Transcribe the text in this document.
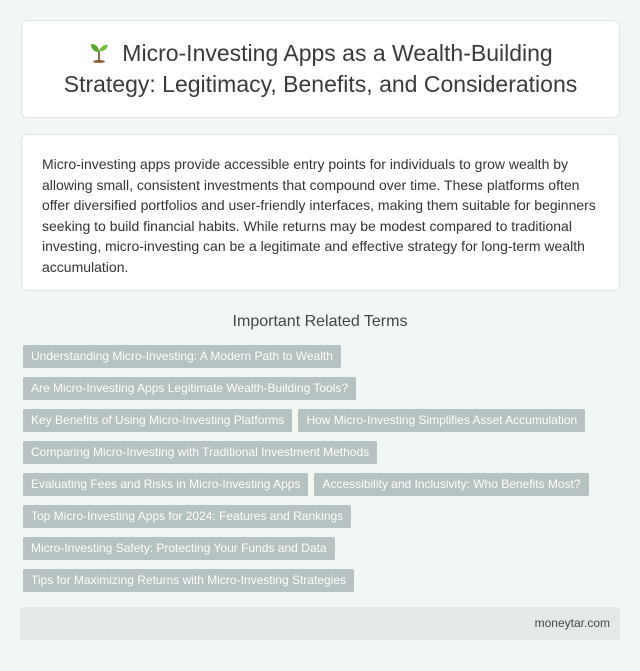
Micro-Investing Apps as a Wealth-Building Strategy: Legitimacy, Benefits, and Considerations

Micro-investing apps provide accessible entry points for individuals to grow wealth by allowing small, consistent investments that compound over time. These platforms often offer diversified portfolios and user-friendly interfaces, making them suitable for beginners seeking to build financial habits. While returns may be modest compared to traditional investing, micro-investing can be a legitimate and effective strategy for long-term wealth accumulation.

Important Related Terms
Understanding Micro-Investing: A Modern Path to Wealth
Are Micro-Investing Apps Legitimate Wealth-Building Tools?
Key Benefits of Using Micro-Investing Platforms	How Micro-Investing Simplifies Asset Accumulation
Comparing Micro-Investing with Traditional Investment Methods
Evaluating Fees and Risks in Micro-Investing Apps	Accessibility and Inclusivity: Who Benefits Most?
Top Micro-Investing Apps for 2024: Features and Rankings
Micro-Investing Safety: Protecting Your Funds and Data
Tips for Maximizing Returns with Micro-Investing Strategies
moneytar.com
